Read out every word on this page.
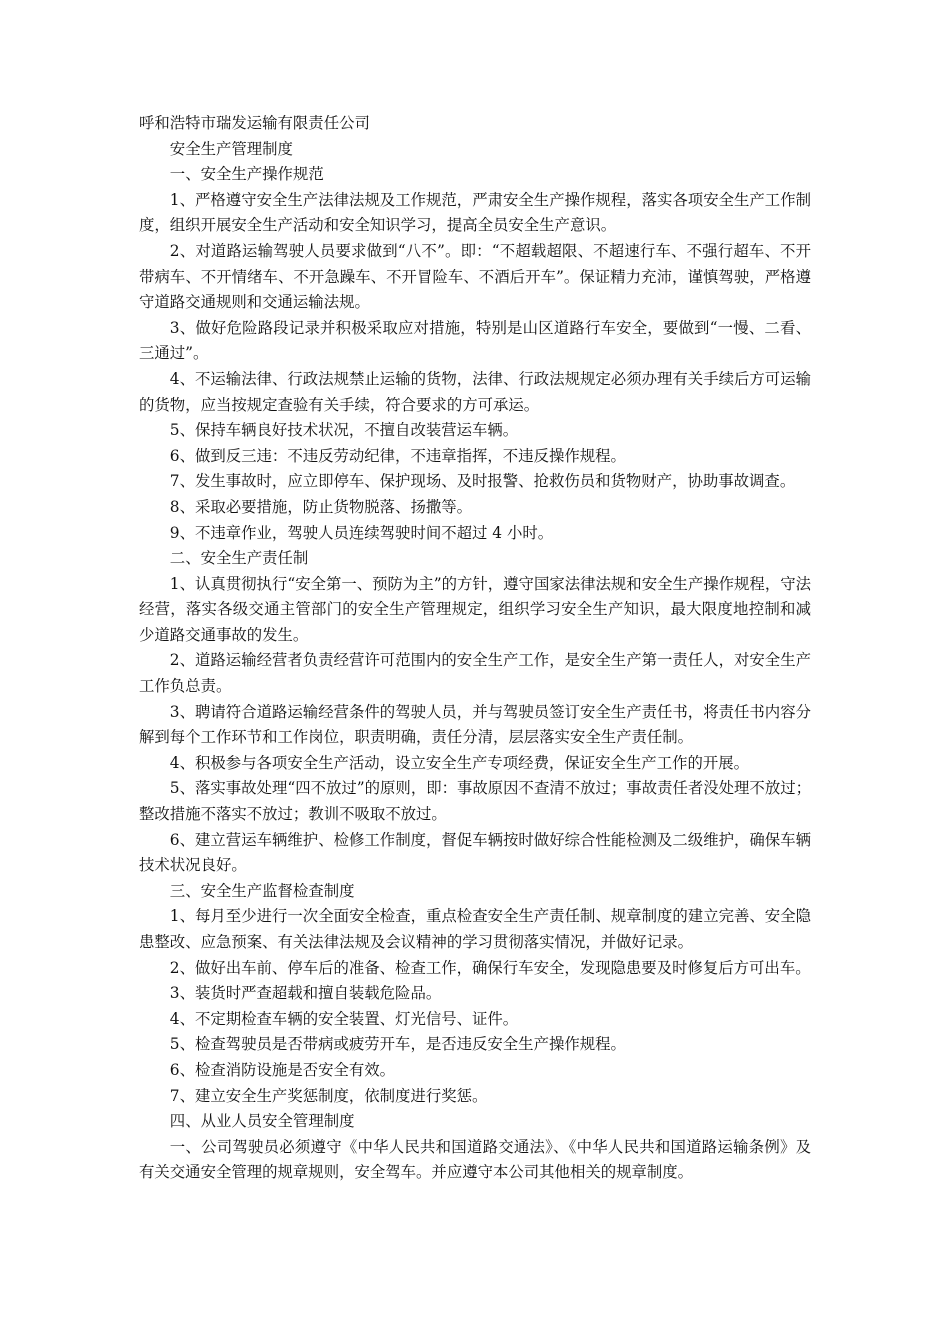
呼和浩特市瑞发运输有限责任公司

安全生产管理制度

一、安全生产操作规范

1、严格遵守安全生产法律法规及工作规范，严肃安全生产操作规程，落实各项安全生产工作制度，组织开展安全生产活动和安全知识学习，提高全员安全生产意识。

2、对道路运输驾驶人员要求做到“八不”。即：“不超载超限、不超速行车、不强行超车、不开带病车、不开情绪车、不开急躁车、不开冒险车、不酒后开车”。保证精力充沛，谨慎驾驶，严格遵守道路交通规则和交通运输法规。

3、做好危险路段记录并积极采取应对措施，特别是山区道路行车安全，要做到“一慢、二看、三通过”。

4、不运输法律、行政法规禁止运输的货物，法律、行政法规规定必须办理有关手续后方可运输的货物，应当按规定查验有关手续，符合要求的方可承运。

5、保持车辆良好技术状况，不擅自改装营运车辆。

6、做到反三违：不违反劳动纪律，不违章指挥，不违反操作规程。

7、发生事故时，应立即停车、保护现场、及时报警、抢救伤员和货物财产，协助事故调查。

8、采取必要措施，防止货物脱落、扬撒等。

9、不违章作业，驾驶人员连续驾驶时间不超过 4 小时。

二、安全生产责任制

1、认真贯彻执行“安全第一、预防为主”的方针，遵守国家法律法规和安全生产操作规程，守法经营，落实各级交通主管部门的安全生产管理规定，组织学习安全生产知识，最大限度地控制和减少道路交通事故的发生。

2、道路运输经营者负责经营许可范围内的安全生产工作，是安全生产第一责任人，对安全生产工作负总责。

3、聘请符合道路运输经营条件的驾驶人员，并与驾驶员签订安全生产责任书，将责任书内容分解到每个工作环节和工作岗位，职责明确，责任分清，层层落实安全生产责任制。

4、积极参与各项安全生产活动，设立安全生产专项经费，保证安全生产工作的开展。

5、落实事故处理“四不放过”的原则，即：事故原因不查清不放过；事故责任者没处理不放过；整改措施不落实不放过；教训不吸取不放过。

6、建立营运车辆维护、检修工作制度，督促车辆按时做好综合性能检测及二级维护，确保车辆技术状况良好。

三、安全生产监督检查制度

1、每月至少进行一次全面安全检查，重点检查安全生产责任制、规章制度的建立完善、安全隐患整改、应急预案、有关法律法规及会议精神的学习贯彻落实情况，并做好记录。

2、做好出车前、停车后的准备、检查工作，确保行车安全，发现隐患要及时修复后方可出车。

3、装货时严查超载和擅自装载危险品。

4、不定期检查车辆的安全装置、灯光信号、证件。

5、检查驾驶员是否带病或疲劳开车，是否违反安全生产操作规程。

6、检查消防设施是否安全有效。

7、建立安全生产奖惩制度，依制度进行奖惩。

四、从业人员安全管理制度

一、公司驾驶员必须遵守《中华人民共和国道路交通法》、《中华人民共和国道路运输条例》及有关交通安全管理的规章规则，安全驾车。并应遵守本公司其他相关的规章制度。
